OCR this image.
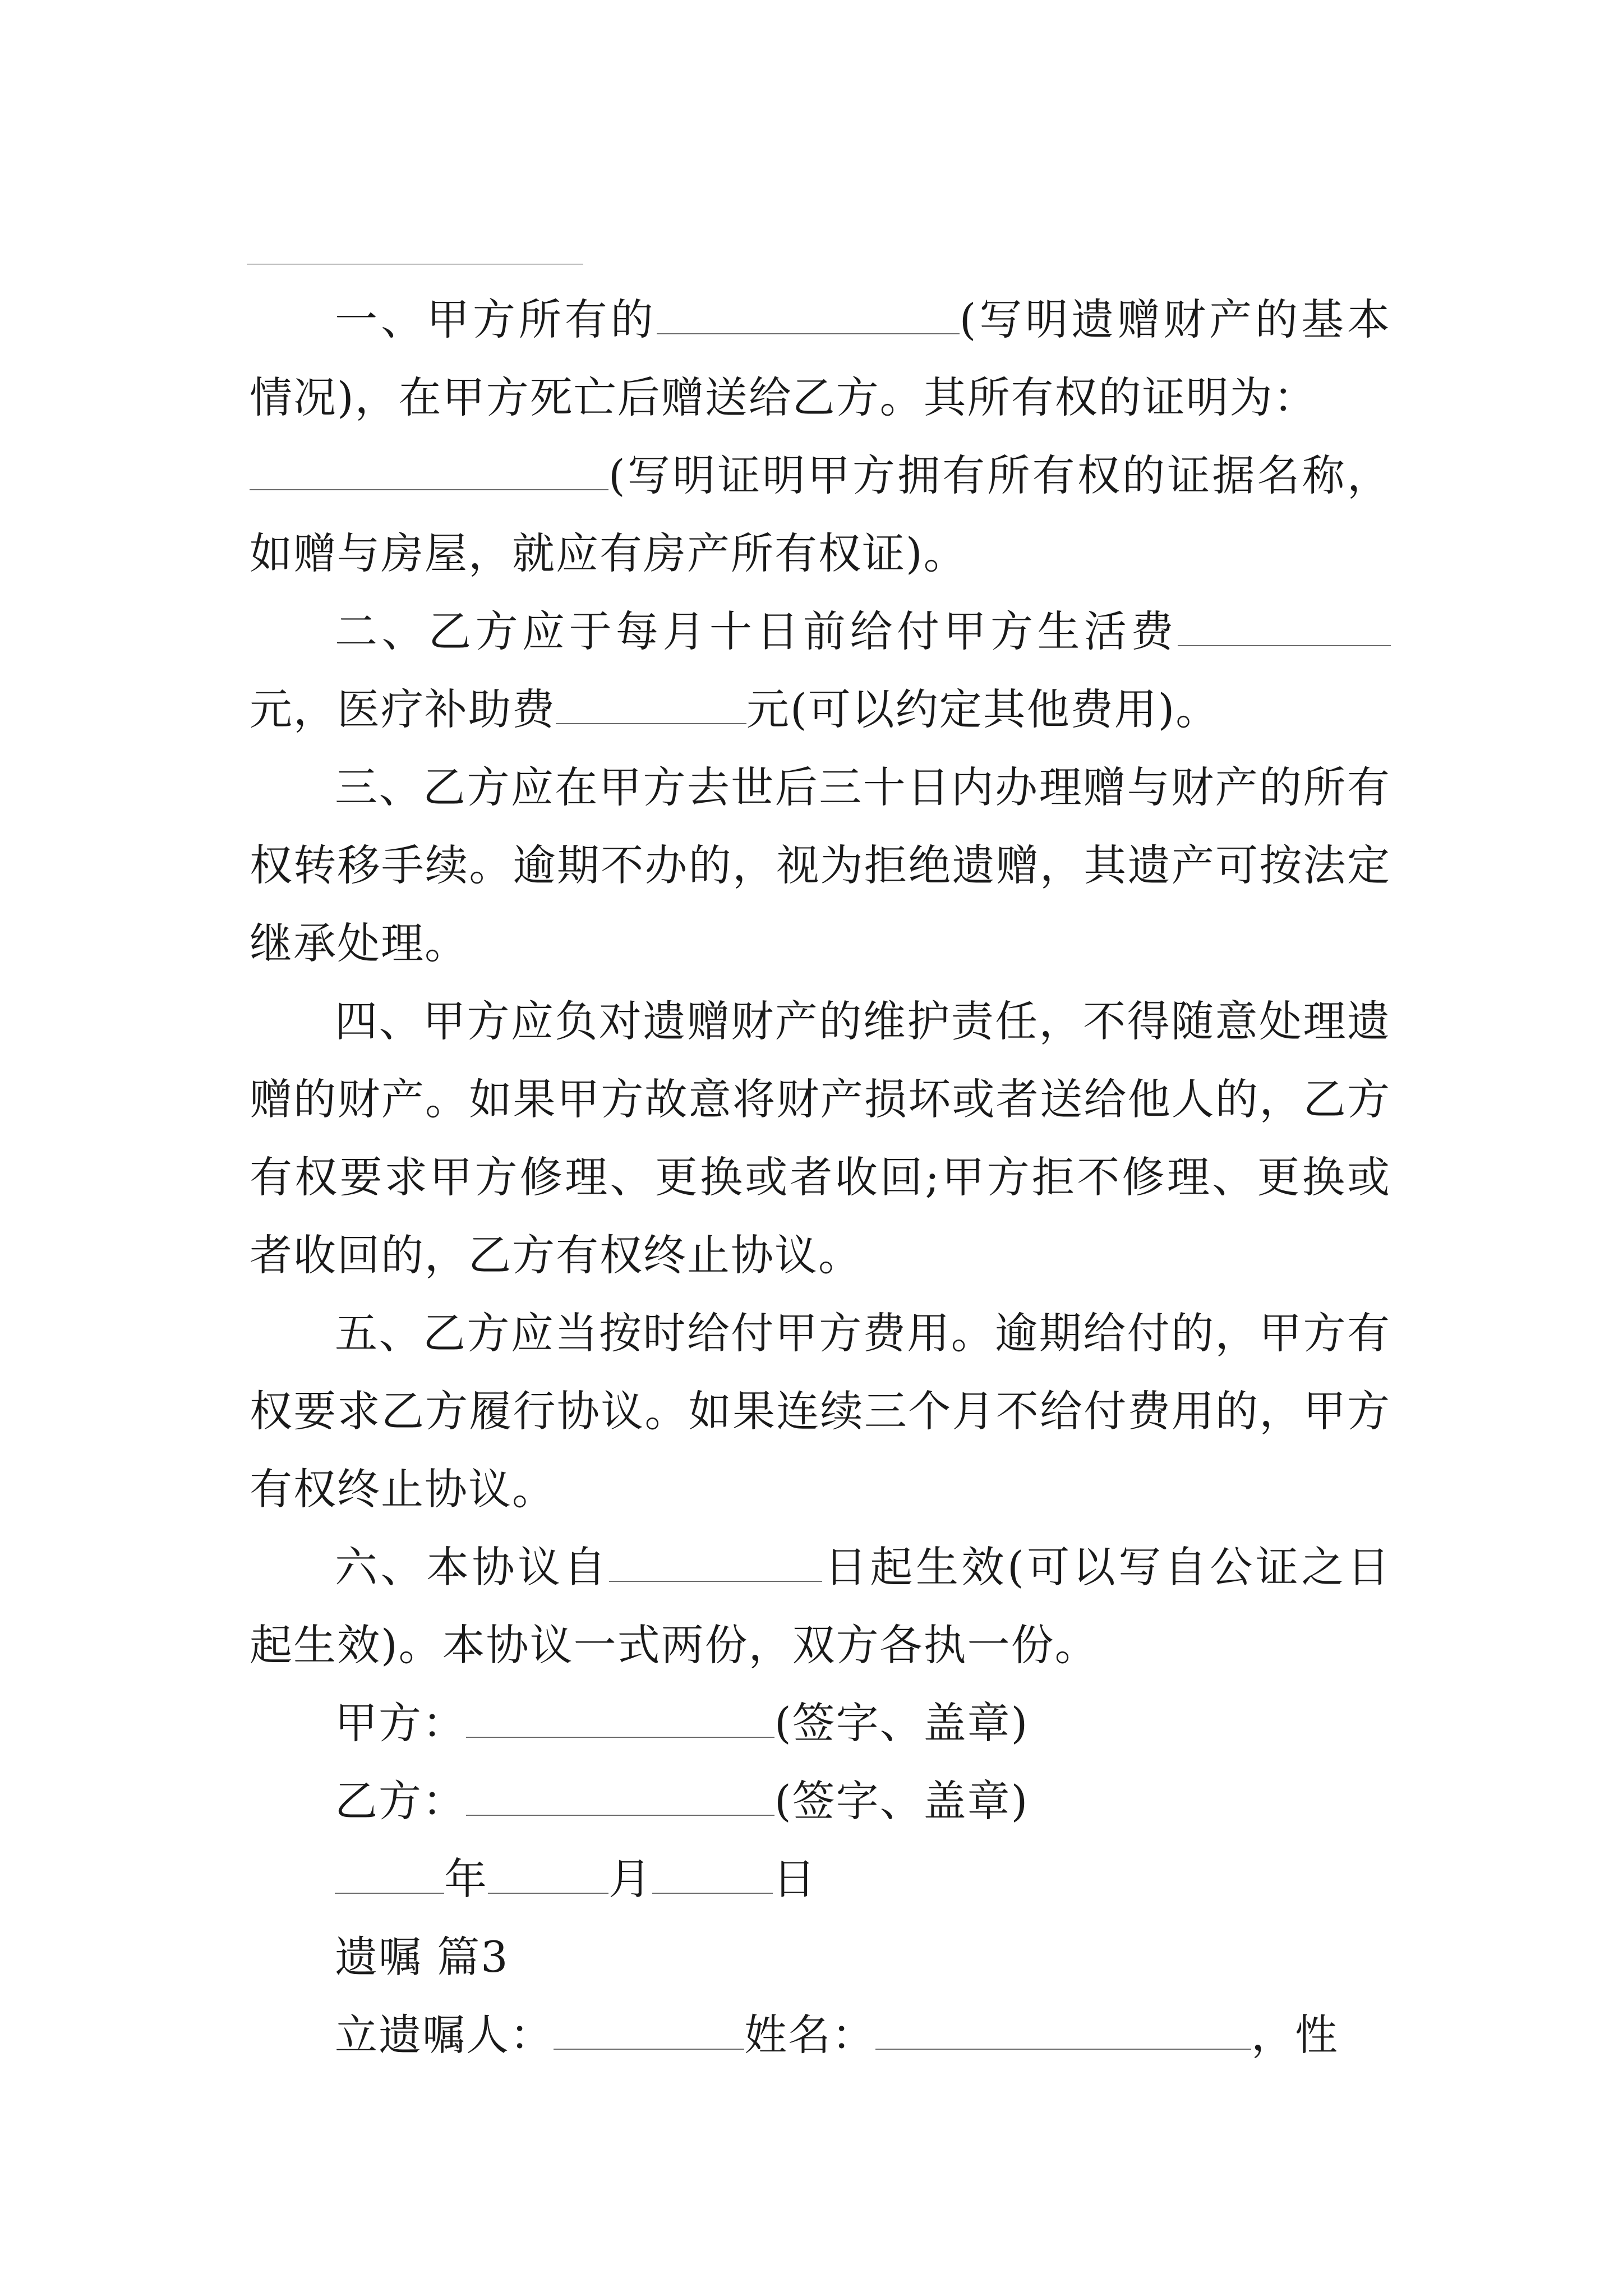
一、甲方所有的	(写明遗赠财产的基本情况)，在甲方死亡后赠送给乙方。其所有权的证明为：
(写明证明甲方拥有所有权的证据名称，如赠与房屋，就应有房产所有权证)。

二、乙方应于每月十日前给付甲方生活费元，医疗补助费	元(可以约定其他费用)。

三、乙方应在甲方去世后三十日内办理赠与财产的所有权转移手续。逾期不办的，视为拒绝遗赠，其遗产可按法定继承处理。

四、甲方应负对遗赠财产的维护责任，不得随意处理遗赠的财产。如果甲方故意将财产损坏或者送给他人的，乙方有权要求甲方修理、更换或者收回;甲方拒不修理、更换或者收回的，乙方有权终止协议。

五、乙方应当按时给付甲方费用。逾期给付的，甲方有权要求乙方履行协议。如果连续三个月不给付费用的，甲方有权终止协议。

六、本协议自	日起生效(可以写自公证之日起生效)。本协议一式两份，双方各执一份。

甲方：	(签字、盖章)

乙方：	(签字、盖章)

年	月	日

遗嘱 篇3

立遗嘱人：	姓名：	，性
